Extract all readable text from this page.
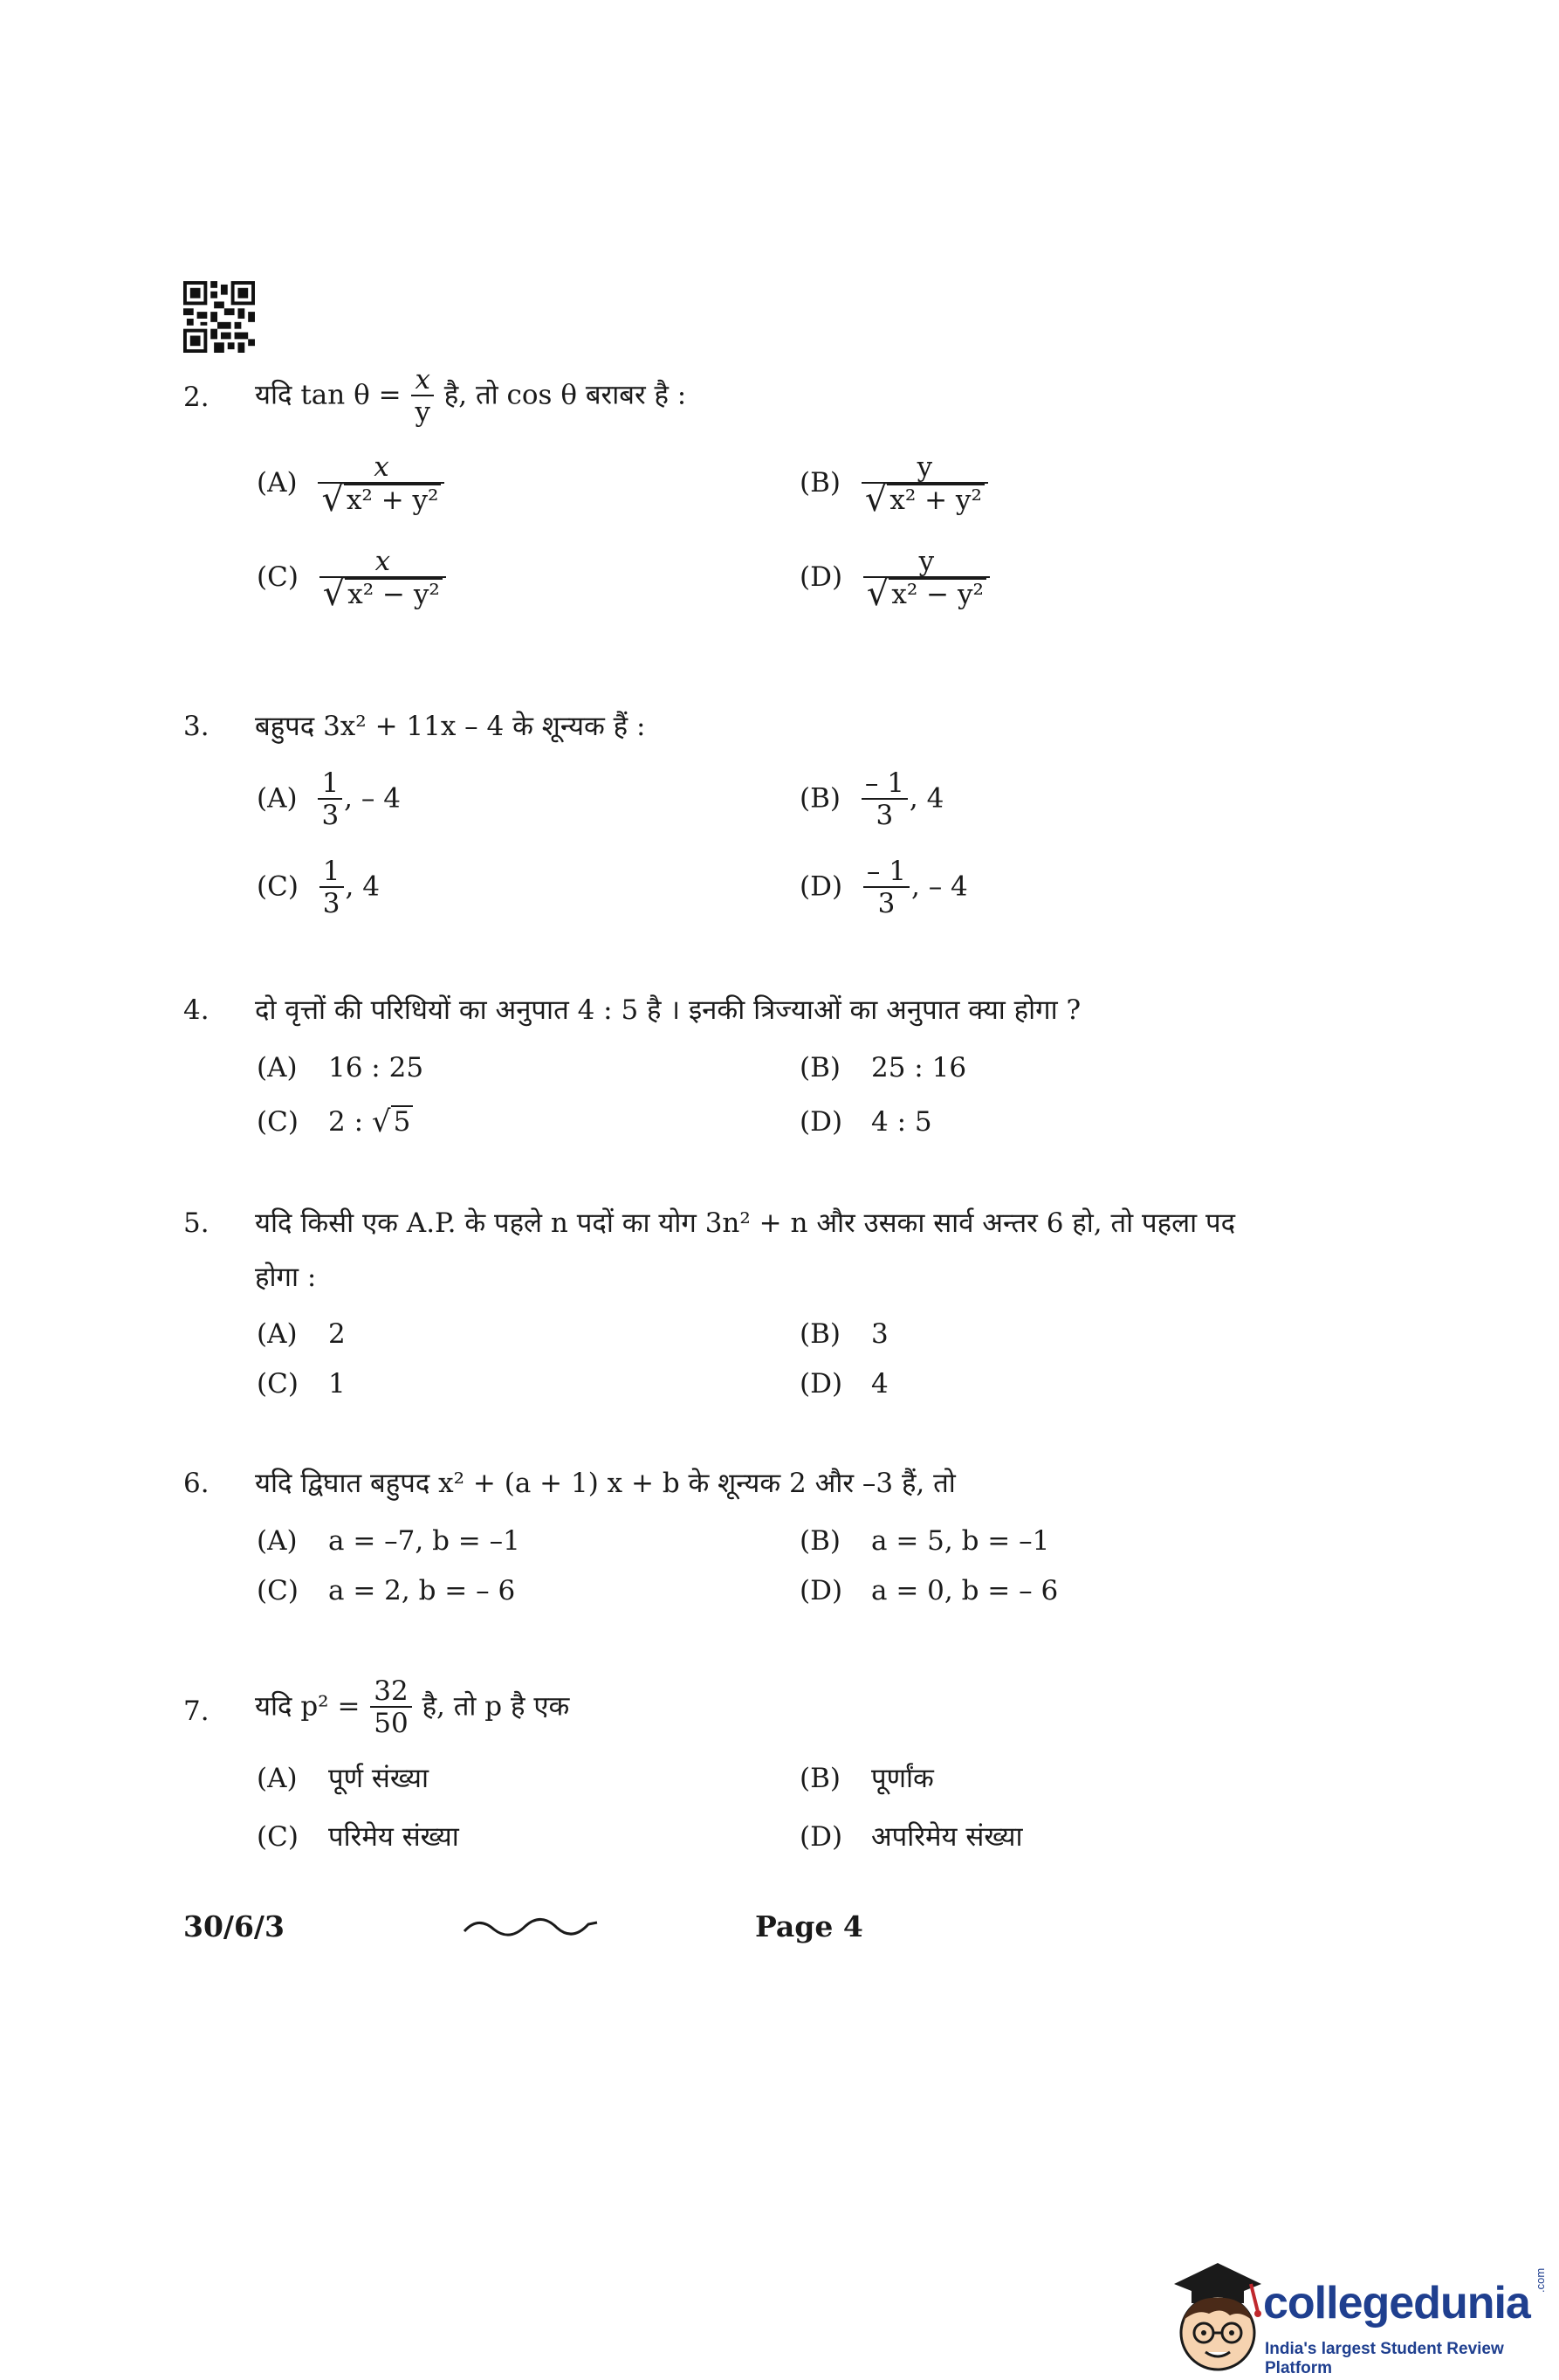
2. यदि $\tan \theta = \frac{x}{y}$ है, तो cos θ बराबर है :
$(A) \frac{x}{\text{√x² + y²}}$	$(B) \frac{y}{\text{√x² + y²}}$
$(C) \frac{x}{\text{√x² − y²}}$	$(D) \frac{y}{\text{√x² − y²}}$
3. बहुपद 3x² + 11x – 4 के शून्यक हैं :
$(A) \frac{1}{3}$ , – 4	$(B) \frac{- 1}{3}$ , 4
$(C) \frac{1}{3}$ , 4	$(D) \frac{- 1}{3}$ , – 4
4. दो वृत्तों की परिधियों का अनुपात 4 : 5 है । इनकी त्रिज्याओं का अनुपात क्या होगा ?
(A) 16 : 25	(B) 25 : 16
(C) 2 : √5	(D) 4 : 5
5. यदि किसी एक A.P. के पहले n पदों का योग 3n² + n और उसका सार्व अन्तर 6 हो, तो पहला पद
होगा :
(A) 2	(B) 3
(C) 1	(D) 4
6. यदि द्विघात बहुपद x² + (a + 1) x + b के शून्यक 2 और –3 हैं, तो
(A) a = –7, b = –1	(B) a = 5, b = –1
(C) a = 2, b = – 6	(D) a = 0, b = – 6
7. यदि $p^2 = \frac{32}{50}$ है, तो p है एक
(A) पूर्ण संख्या	(B) पूर्णांक
(C) परिमेय संख्या	(D) अपरिमेय संख्या
30/6/3	Page 4
collegedunia .com
India's largest Student Review Platform
